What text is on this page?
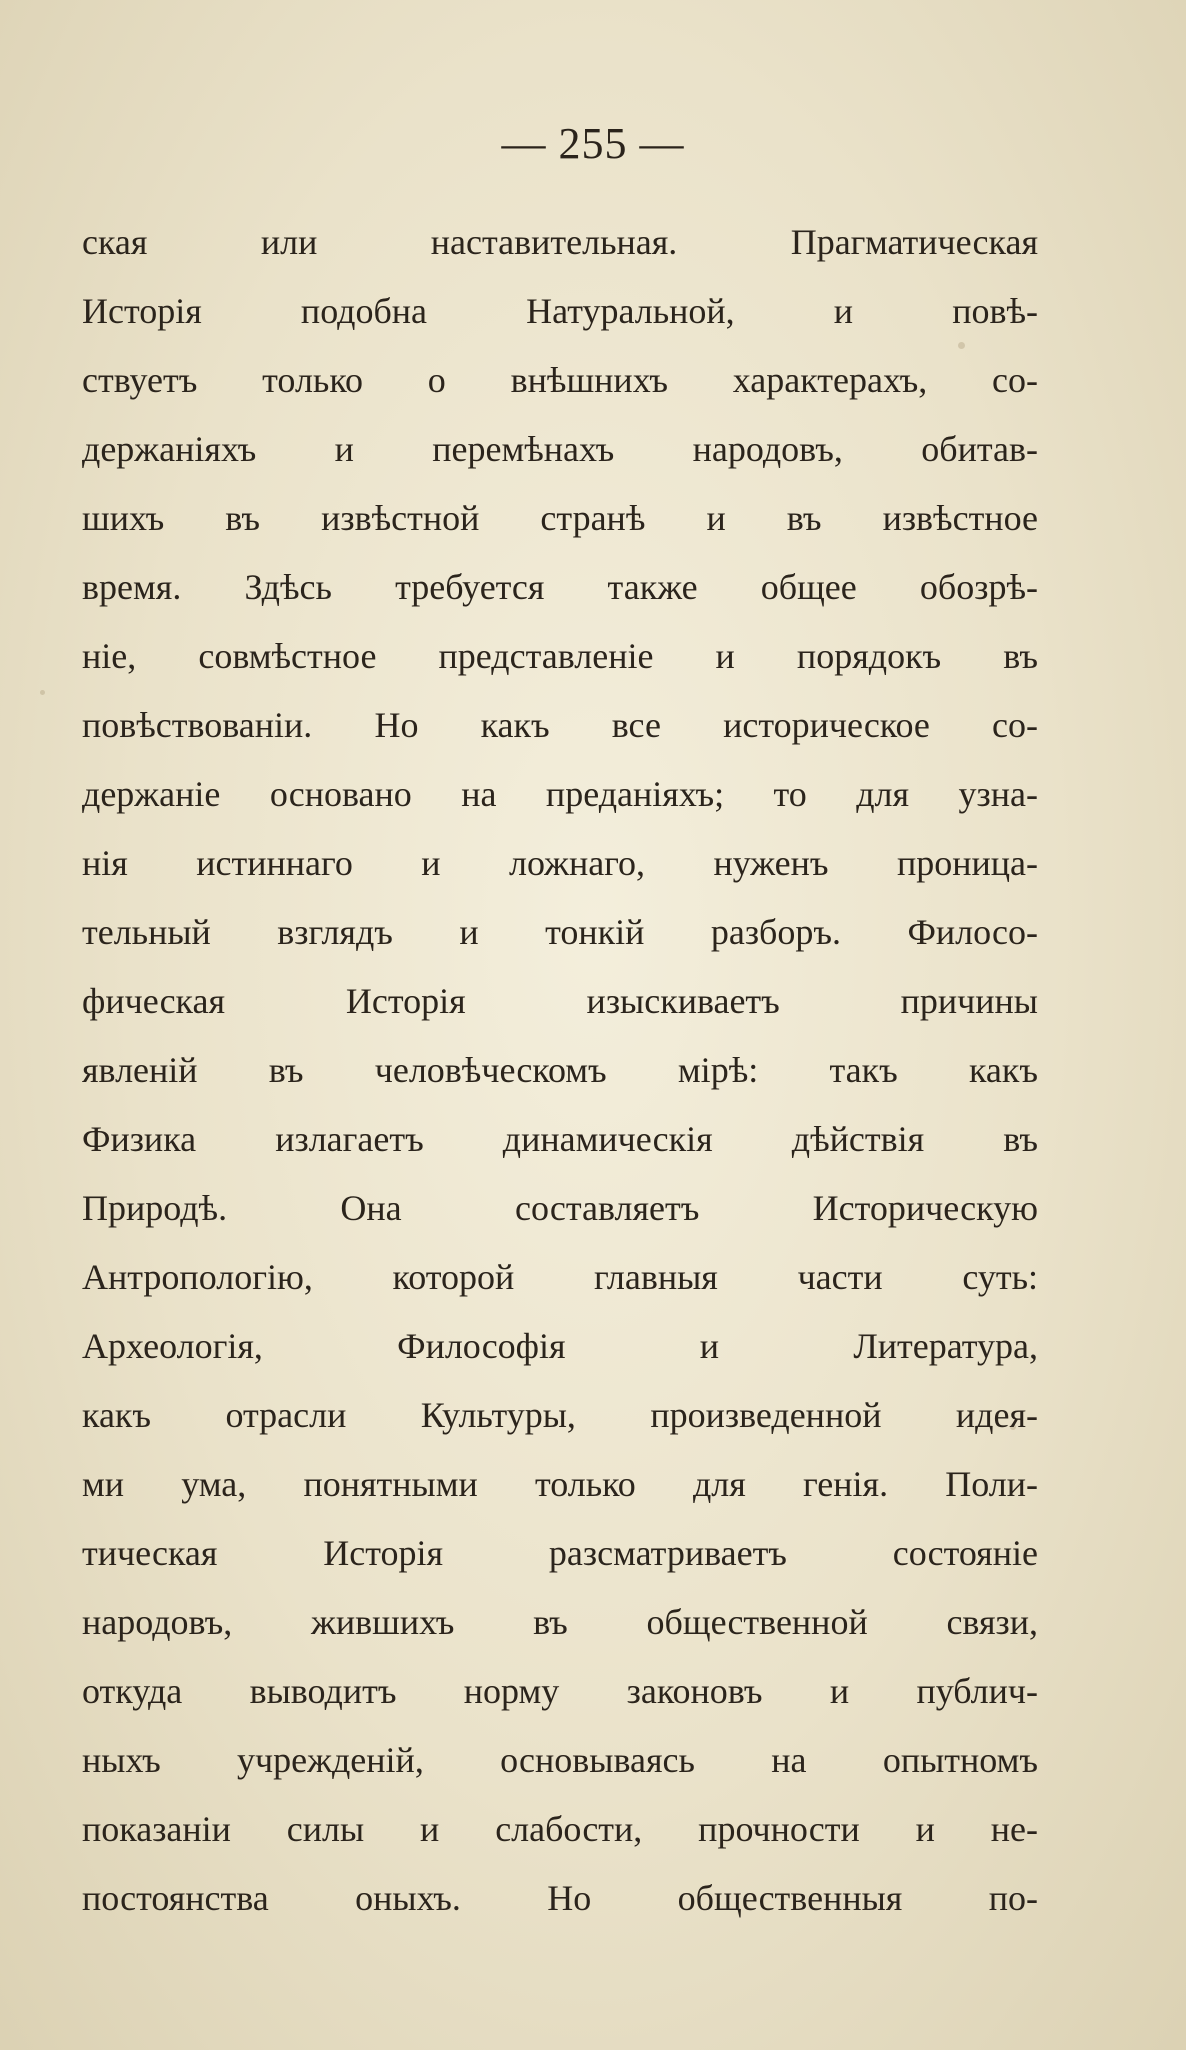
— 255 —
ская или наставительная. Прагматическая
Исторія подобна Натуральной, и повѣ-
ствуетъ только о внѣшнихъ характерахъ, со-
держаніяхъ и перемѣнахъ народовъ, обитав-
шихъ въ извѣстной странѣ и въ извѣстное
время. Здѣсь требуется также общее обозрѣ-
ніе, совмѣстное представленіе и порядокъ въ
повѣствованіи. Но какъ все историческое со-
держаніе основано на преданіяхъ; то для узна-
нія истиннаго и ложнаго, нуженъ проница-
тельный взглядъ и тонкій разборъ. Филосо-
фическая Исторія изыскиваетъ причины
явленій въ человѣческомъ мірѣ: такъ какъ
Физика излагаетъ динамическія дѣйствія въ
Природѣ. Она составляетъ Историческую
Антропологію, которой главныя части суть:
Археологія, Философія и Литература,
какъ отрасли Культуры, произведенной идея-
ми ума, понятными только для генія. Поли-
тическая Исторія разсматриваетъ состояніе
народовъ, жившихъ въ общественной связи,
откуда выводитъ норму законовъ и публич-
ныхъ учрежденій, основываясь на опытномъ
показаніи силы и слабости, прочности и не-
постоянства оныхъ. Но общественныя по-
